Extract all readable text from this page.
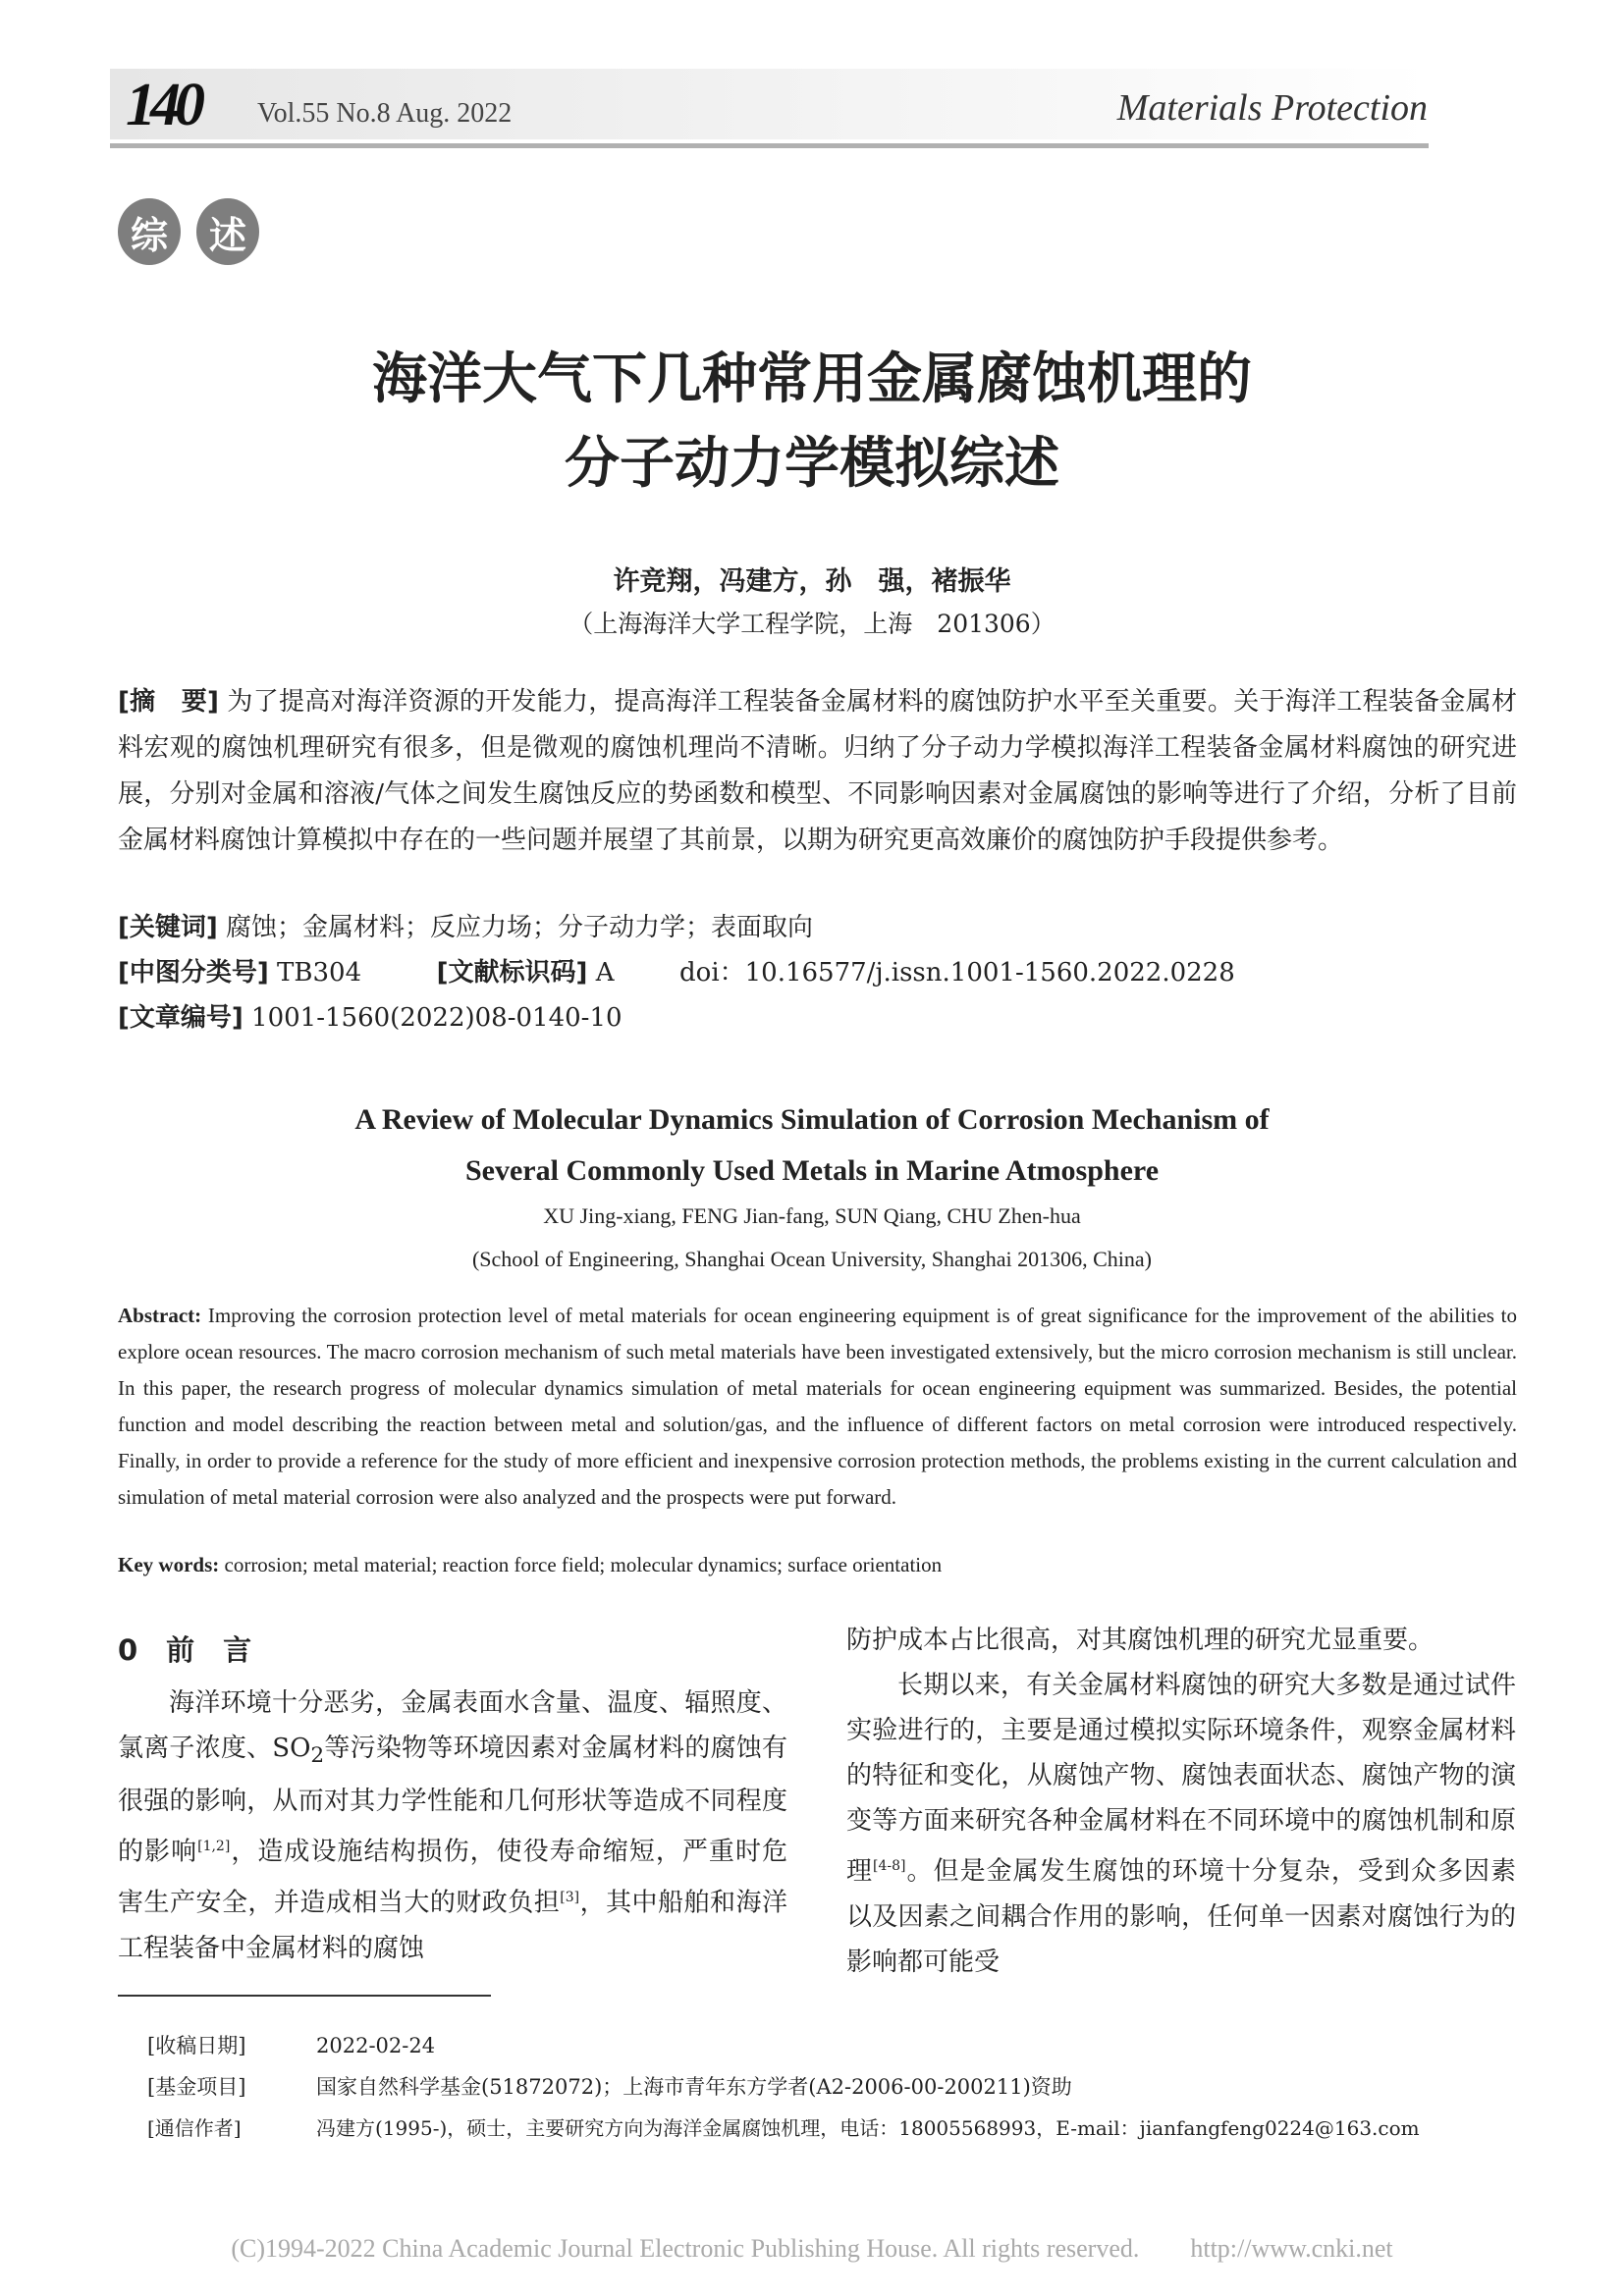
140 Vol.55 No.8 Aug. 2022	Materials Protection
综	述
海洋大气下几种常用金属腐蚀机理的
分子动力学模拟综述
许竞翔，冯建方，孙　强，褚振华
（上海海洋大学工程学院，上海　201306）
[摘　要] 为了提高对海洋资源的开发能力，提高海洋工程装备金属材料的腐蚀防护水平至关重要。关于海洋工程装备金属材料宏观的腐蚀机理研究有很多，但是微观的腐蚀机理尚不清晰。归纳了分子动力学模拟海洋工程装备金属材料腐蚀的研究进展，分别对金属和溶液/气体之间发生腐蚀反应的势函数和模型、不同影响因素对金属腐蚀的影响等进行了介绍，分析了目前金属材料腐蚀计算模拟中存在的一些问题并展望了其前景，以期为研究更高效廉价的腐蚀防护手段提供参考。
[关键词] 腐蚀；金属材料；反应力场；分子动力学；表面取向
[中图分类号] TB304	[文献标识码] A	doi：10.16577/j.issn.1001-1560.2022.0228
[文章编号] 1001-1560(2022)08-0140-10
A Review of Molecular Dynamics Simulation of Corrosion Mechanism of
Several Commonly Used Metals in Marine Atmosphere
XU Jing-xiang, FENG Jian-fang, SUN Qiang, CHU Zhen-hua
(School of Engineering, Shanghai Ocean University, Shanghai 201306, China)
Abstract: Improving the corrosion protection level of metal materials for ocean engineering equipment is of great significance for the improvement of the abilities to explore ocean resources. The macro corrosion mechanism of such metal materials have been investigated extensively, but the micro corrosion mechanism is still unclear. In this paper, the research progress of molecular dynamics simulation of metal materials for ocean engineering equipment was summarized. Besides, the potential function and model describing the reaction between metal and solution/gas, and the influence of different factors on metal corrosion were introduced respectively. Finally, in order to provide a reference for the study of more efficient and inexpensive corrosion protection methods, the problems existing in the current calculation and simulation of metal material corrosion were also analyzed and the prospects were put forward.
Key words: corrosion; metal material; reaction force field; molecular dynamics; surface orientation
0　前　言

海洋环境十分恶劣，金属表面水含量、温度、辐照度、氯离子浓度、$SO_2$等污染物等环境因素对金属材料的腐蚀有很强的影响，从而对其力学性能和几何形状等造成不同程度的影响[1,2]，造成设施结构损伤，使役寿命缩短，严重时危害生产安全，并造成相当大的财政负担[3]，其中船舶和海洋工程装备中金属材料的腐蚀

防护成本占比很高，对其腐蚀机理的研究尤显重要。

长期以来，有关金属材料腐蚀的研究大多数是通过试件实验进行的，主要是通过模拟实际环境条件，观察金属材料的特征和变化，从腐蚀产物、腐蚀表面状态、腐蚀产物的演变等方面来研究各种金属材料在不同环境中的腐蚀机制和原理[4-8]。但是金属发生腐蚀的环境十分复杂，受到众多因素以及因素之间耦合作用的影响，任何单一因素对腐蚀行为的影响都可能受

[收稿日期]	2022-02-24
[基金项目]	国家自然科学基金(51872072)；上海市青年东方学者(A2-2006-00-200211)资助
[通信作者]	冯建方(1995-)，硕士，主要研究方向为海洋金属腐蚀机理，电话：18005568993，E-mail：jianfangfeng0224@163.com
(C)1994-2022 China Academic Journal Electronic Publishing House. All rights reserved.　　http://www.cnki.net
